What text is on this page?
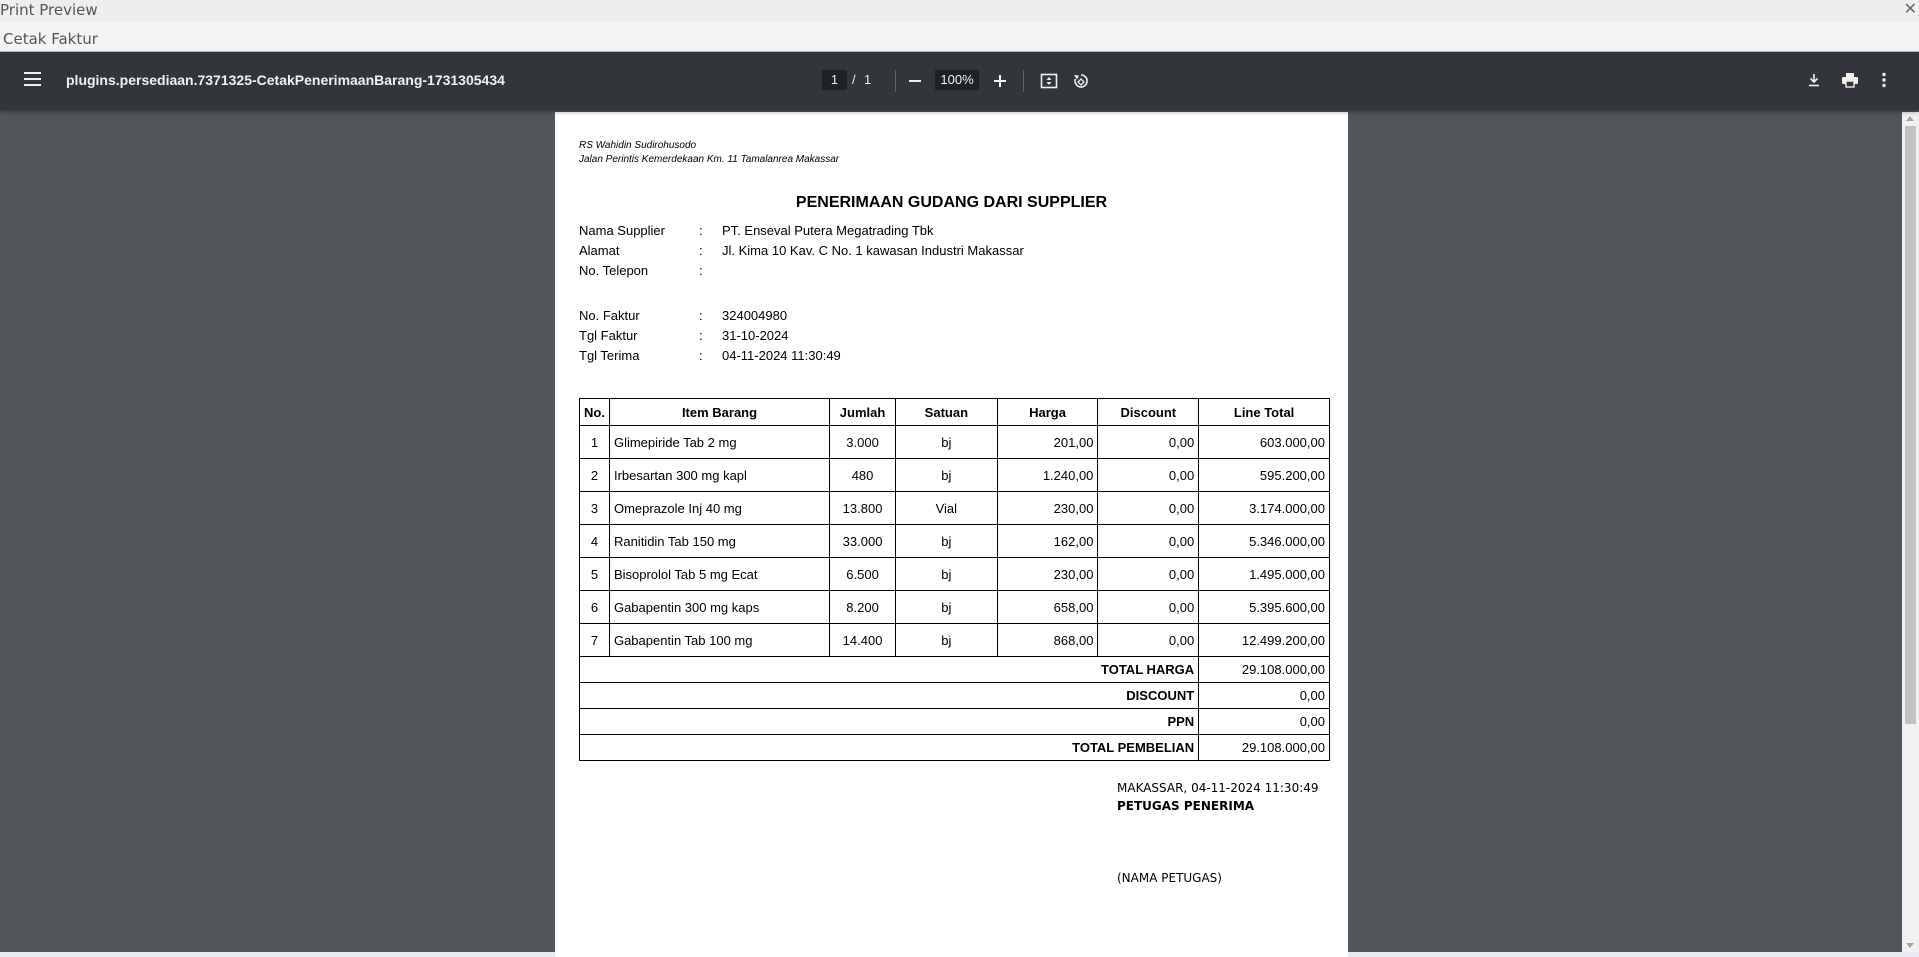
Print Preview	✕
Cetak Faktur
plugins.persediaan.7371325-CetakPenerimaanBarang-1731305434	1	/ 1	100%
RS Wahidin Sudirohusodo
Jalan Perintis Kemerdekaan Km. 11 Tamalanrea Makassar
PENERIMAAN GUDANG DARI SUPPLIER
Nama Supplier	: PT. Enseval Putera Megatrading Tbk
Alamat	: Jl. Kima 10 Kav. C No. 1 kawasan Industri Makassar
No. Telepon	:
No. Faktur	: 324004980
Tgl Faktur	: 31-10-2024
Tgl Terima	: 04-11-2024 11:30:49
No.	Item Barang	Jumlah	Satuan	Harga	Discount	Line Total
1	Glimepiride Tab 2 mg	3.000	bj	201,00	0,00	603.000,00
2	Irbesartan 300 mg kapl	480	bj	1.240,00	0,00	595.200,00
3	Omeprazole Inj 40 mg	13.800	Vial	230,00	0,00	3.174.000,00
4	Ranitidin Tab 150 mg	33.000	bj	162,00	0,00	5.346.000,00
5	Bisoprolol Tab 5 mg Ecat	6.500	bj	230,00	0,00	1.495.000,00
6	Gabapentin 300 mg kaps	8.200	bj	658,00	0,00	5.395.600,00
7	Gabapentin Tab 100 mg	14.400	bj	868,00	0,00	12.499.200,00
TOTAL HARGA						29.108.000,00
DISCOUNT						0,00
PPN						0,00
TOTAL PEMBELIAN						29.108.000,00
MAKASSAR, 04-11-2024 11:30:49
PETUGAS PENERIMA
(NAMA PETUGAS)
